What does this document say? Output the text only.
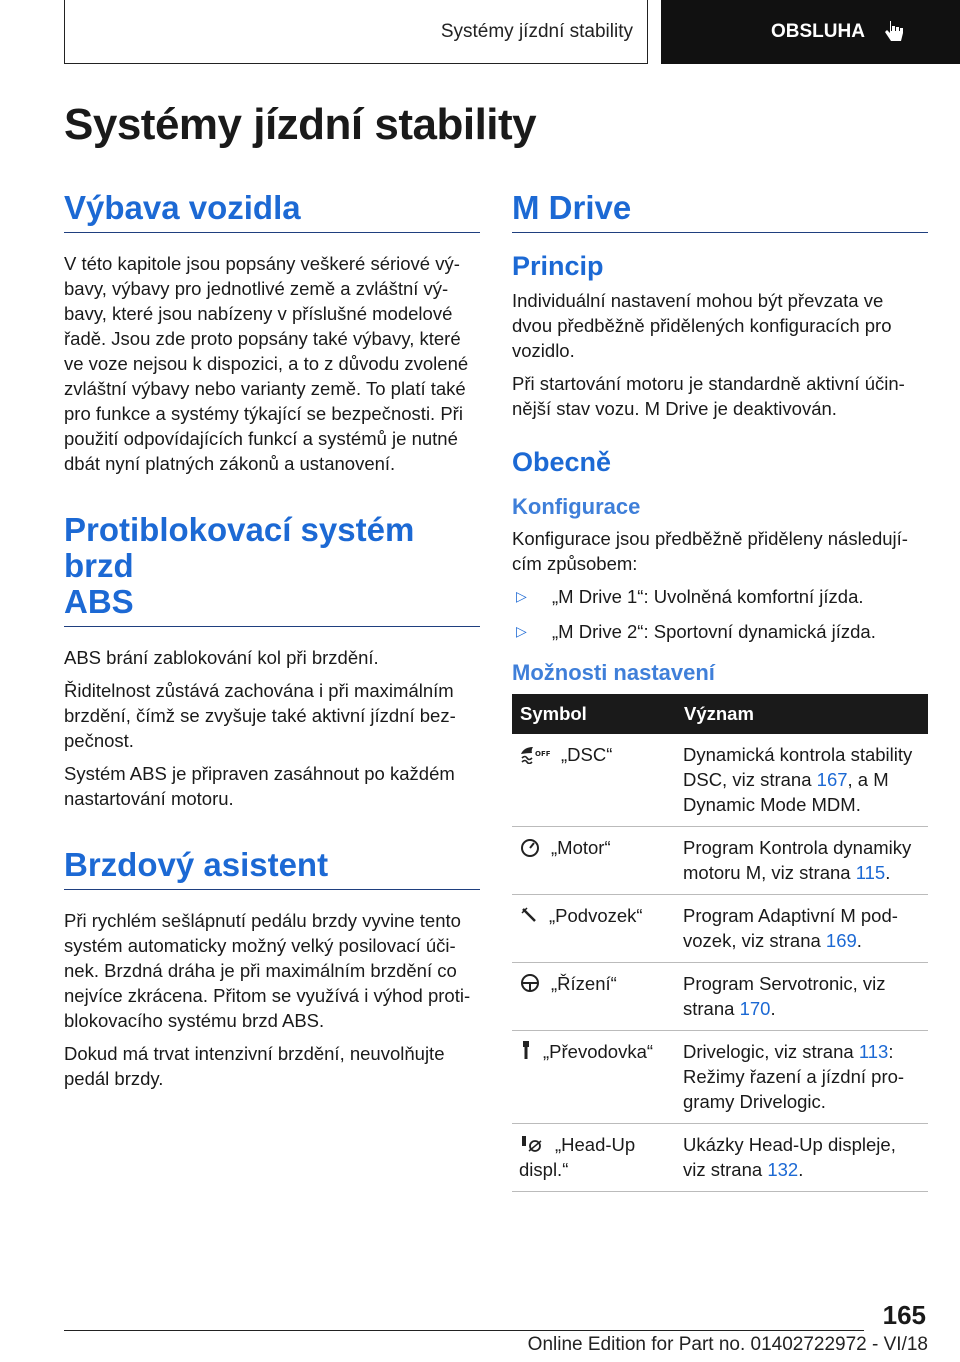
Systémy jízdní stability	OBSLUHA
Systémy jízdní stability
Výbava vozidla

V této kapitole jsou popsány veškeré sériové vý-bavy, výbavy pro jednotlivé země a zvláštní vý-bavy, které jsou nabízeny v příslušné modelové řadě. Jsou zde proto popsány také výbavy, které ve voze nejsou k dispozici, a to z důvodu zvolené zvláštní výbavy nebo varianty země. To platí také pro funkce a systémy týkající se bezpečnosti. Při použití odpovídajících funkcí a systémů je nutné dbát nyní platných zákonů a ustanovení.

Protiblokovací systém brzd
ABS

ABS brání zablokování kol při brzdění.

Řiditelnost zůstává zachována i při maximálním brzdění, čímž se zvyšuje také aktivní jízdní bez-pečnost.

Systém ABS je připraven zasáhnout po každém nastartování motoru.

Brzdový asistent

Při rychlém sešlápnutí pedálu brzdy vyvine tento systém automaticky možný velký posilovací úči-nek. Brzdná dráha je při maximálním brzdění co nejvíce zkrácena. Přitom se využívá i výhod proti-blokovacího systému brzd ABS.

Dokud má trvat intenzivní brzdění, neuvolňujte pedál brzdy.

M Drive
Princip

Individuální nastavení mohou být převzata ve dvou předběžně přidělených konfiguracích pro vozidlo.

Při startování motoru je standardně aktivní účin-nější stav vozu. M Drive je deaktivován.

Obecně
Konfigurace

Konfigurace jsou předběžně přiděleny následují-cím způsobem:

▷	„M Drive 1“: Uvolněná komfortní jízda.
▷	„M Drive 2“: Sportovní dynamická jízda.
Možnosti nastavení
Symbol	Význam

OFF „DSC“	Dynamická kontrola stability DSC, viz strana 167, a M Dynamic Mode MDM.
„Motor“	Program Kontrola dynamiky motoru M, viz strana 115.
„Podvozek“	Program Adaptivní M pod-vozek, viz strana 169.
„Řízení“	Program Servotronic, viz strana 170.
„Převodovka“	Drivelogic, viz strana 113: Režimy řazení a jízdní pro-gramy Drivelogic.
„Head-Up displ.“	Ukázky Head-Up displeje, viz strana 132.
165
Online Edition for Part no. 01402722972 - VI/18
